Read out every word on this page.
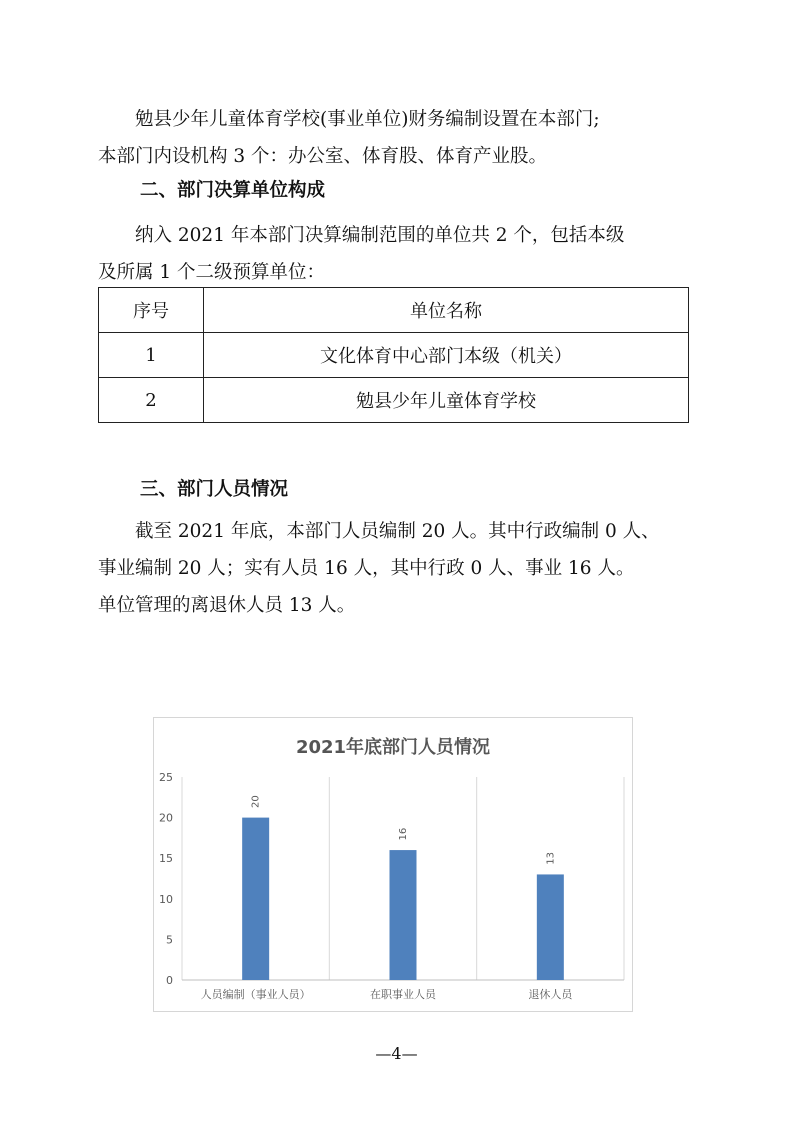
勉县少年儿童体育学校(事业单位)财务编制设置在本部门;
本部门内设机构 3 个：办公室、体育股、体育产业股。

二、部门决算单位构成

纳入 2021 年本部门决算编制范围的单位共 2 个，包括本级
及所属 1 个二级预算单位：

序号	单位名称
1	文化体育中心部门本级（机关）
2	勉县少年儿童体育学校
三、部门人员情况

截至 2021 年底，本部门人员编制 20 人。其中行政编制 0 人、
事业编制 20 人；实有人员 16 人，其中行政 0 人、事业 16 人。
单位管理的离退休人员 13 人。

2021年底部门人员情况
0
5
10
15
20
25
20
人员编制（事业人员）
16
在职事业人员
13
退休人员
—4—
